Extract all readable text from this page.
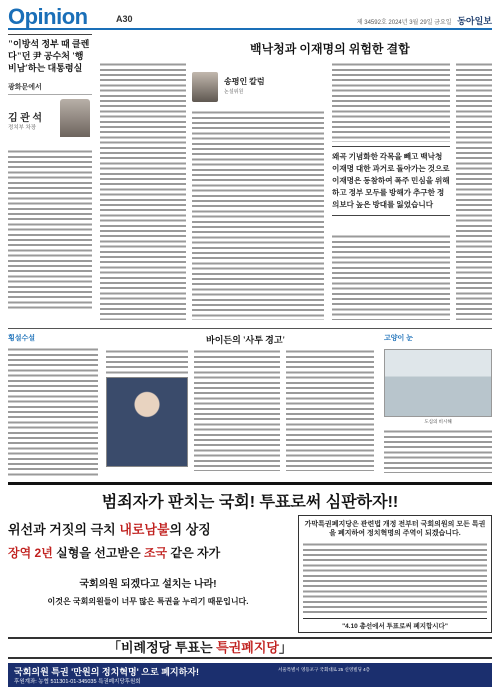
Opinion	A30	제 34592호 2024년 3월 29일 금요일 동아일보
"이방석 정부 때 클렌다"던 尹 공수처 '행비남'하는 대통령실
광화문에서
김 관 석
정치부 차장
백낙청과 이재명의 위험한 결합
송평인 칼럼
논설위원
왜곡 기념화한 각목을 빼고 백낙청 이재명 대한 과거로 돌아가는 것으로 이재명은 동참하여 폭주 민심을 위해하고 정부 모두를 방해가 추구한 정의보다 높은 방대를 잃었습니다
횡설수설	바이든의 '사투 경고'	고양이 눈
도심의 비시해
범죄자가 판치는 국회! 투표로써 심판하자!!
위선과 거짓의 극치 내로남불의 상징
장역 2년 실형을 선고받은 조국 같은 자가
국회의원 되겠다고 설치는 나라!
이것은 국회의원들이 너무 많은 특권을 누리기 때문입니다.
가막특권폐지당은 관련법 개정 전부터 국회의원의 모든 특권을 폐지하여 정치혁명의 주역이 되겠습니다.
"4.10 총선에서 투표로써 폐지합시다"
「비례정당 투표는 특권폐지당」
국회의원 특권 '만원의 정치혁명' 으로 폐지하자!
후원계좌: 농협 511301-01-345035 특권폐지당후원회
서울특별시 영등포구 국회대로 25 신영빌딩 4층
